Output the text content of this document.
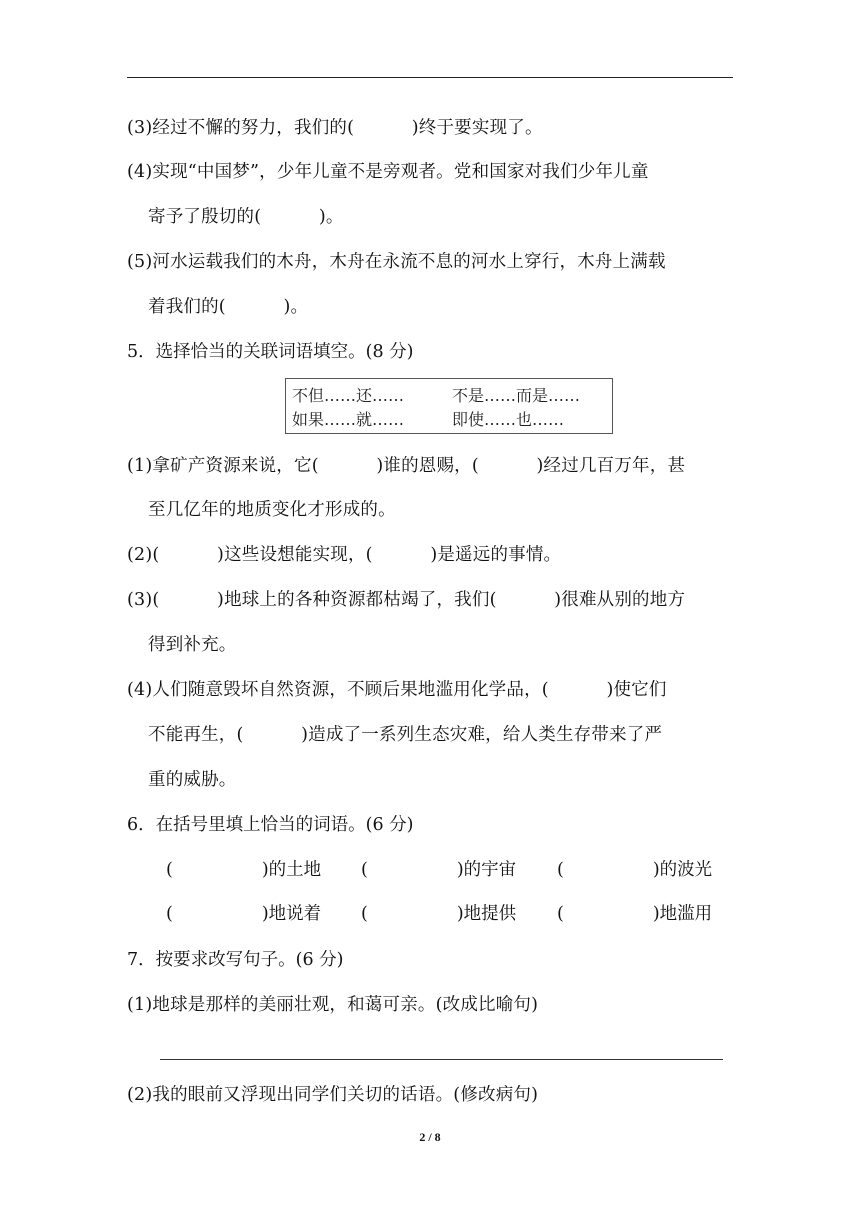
(3)经过不懈的努力，我们的(          )终于要实现了。
(4)实现“中国梦”，少年儿童不是旁观者。党和国家对我们少年儿童
寄予了殷切的(          )。
(5)河水运载我们的木舟，木舟在永流不息的河水上穿行，木舟上满载
着我们的(          )。
5．选择恰当的关联词语填空。(8 分)
不但……还……	不是……而是……
如果……就……	即使……也……
(1)拿矿产资源来说，它(          )谁的恩赐，(          )经过几百万年，甚
至几亿年的地质变化才形成的。
(2)(          )这些设想能实现，(          )是遥远的事情。
(3)(          )地球上的各种资源都枯竭了，我们(          )很难从别的地方
得到补充。
(4)人们随意毁坏自然资源，不顾后果地滥用化学品，(          )使它们
不能再生，(          )造成了一系列生态灾难，给人类生存带来了严
重的威胁。
6．在括号里填上恰当的词语。(6 分)
(                )的土地 (                )的宇宙 (                )的波光
(                )地说着 (                )地提供 (                )地滥用
7．按要求改写句子。(6 分)
(1)地球是那样的美丽壮观，和蔼可亲。(改成比喻句)
(2)我的眼前又浮现出同学们关切的话语。(修改病句)
2 / 8
